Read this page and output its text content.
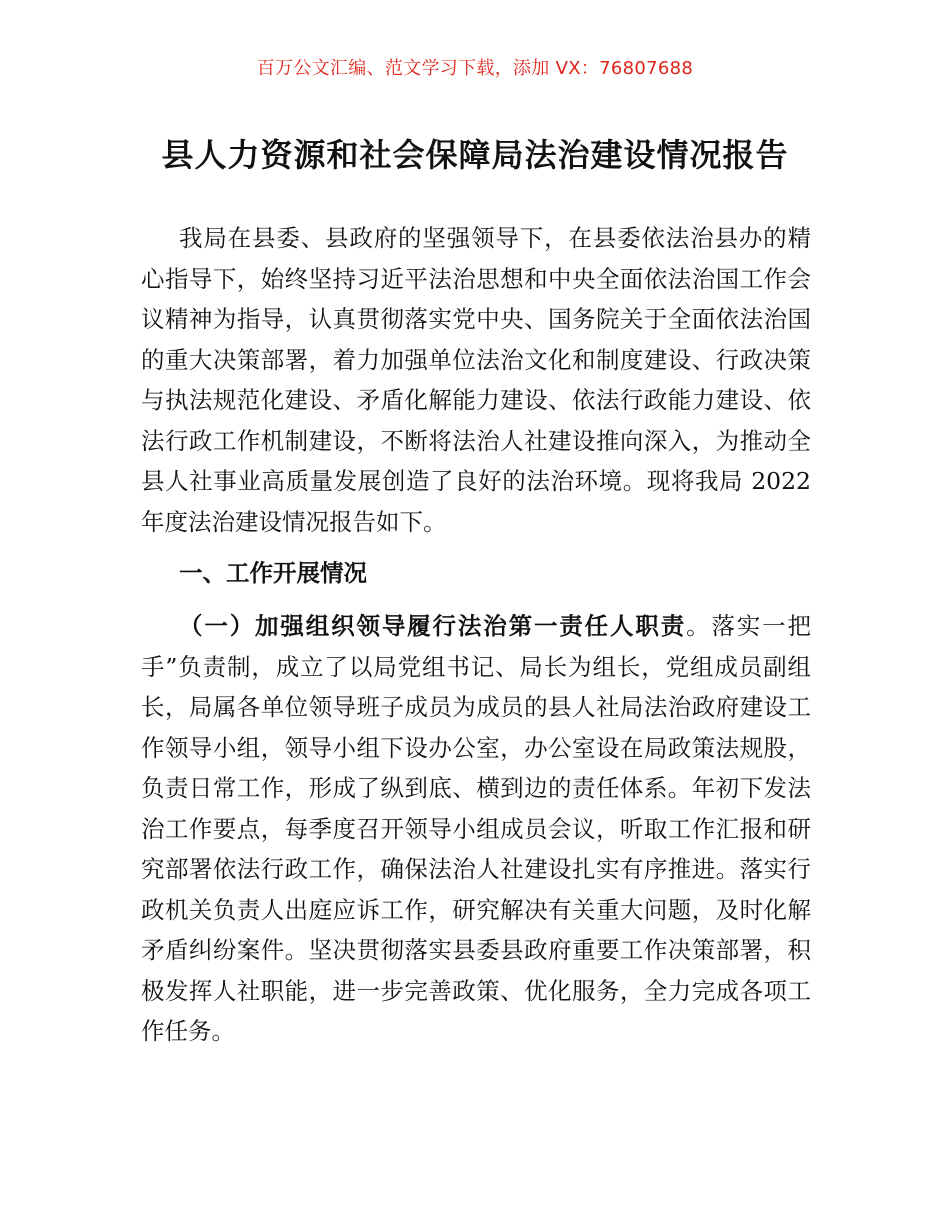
百万公文汇编、范文学习下载，添加 VX：76807688
县人力资源和社会保障局法治建设情况报告

我局在县委、县政府的坚强领导下，在县委依法治县办的精心指导下，始终坚持习近平法治思想和中央全面依法治国工作会议精神为指导，认真贯彻落实党中央、国务院关于全面依法治国的重大决策部署，着力加强单位法治文化和制度建设、行政决策与执法规范化建设、矛盾化解能力建设、依法行政能力建设、依法行政工作机制建设，不断将法治人社建设推向深入，为推动全县人社事业高质量发展创造了良好的法治环境。现将我局 2022 年度法治建设情况报告如下。

一、工作开展情况

（一）加强组织领导履行法治第一责任人职责。落实一把手”负责制，成立了以局党组书记、局长为组长，党组成员副组长，局属各单位领导班子成员为成员的县人社局法治政府建设工作领导小组，领导小组下设办公室，办公室设在局政策法规股，负责日常工作，形成了纵到底、横到边的责任体系。年初下发法治工作要点，每季度召开领导小组成员会议，听取工作汇报和研究部署依法行政工作，确保法治人社建设扎实有序推进。落实行政机关负责人出庭应诉工作，研究解决有关重大问题，及时化解矛盾纠纷案件。坚决贯彻落实县委县政府重要工作决策部署，积极发挥人社职能，进一步完善政策、优化服务，全力完成各项工作任务。
